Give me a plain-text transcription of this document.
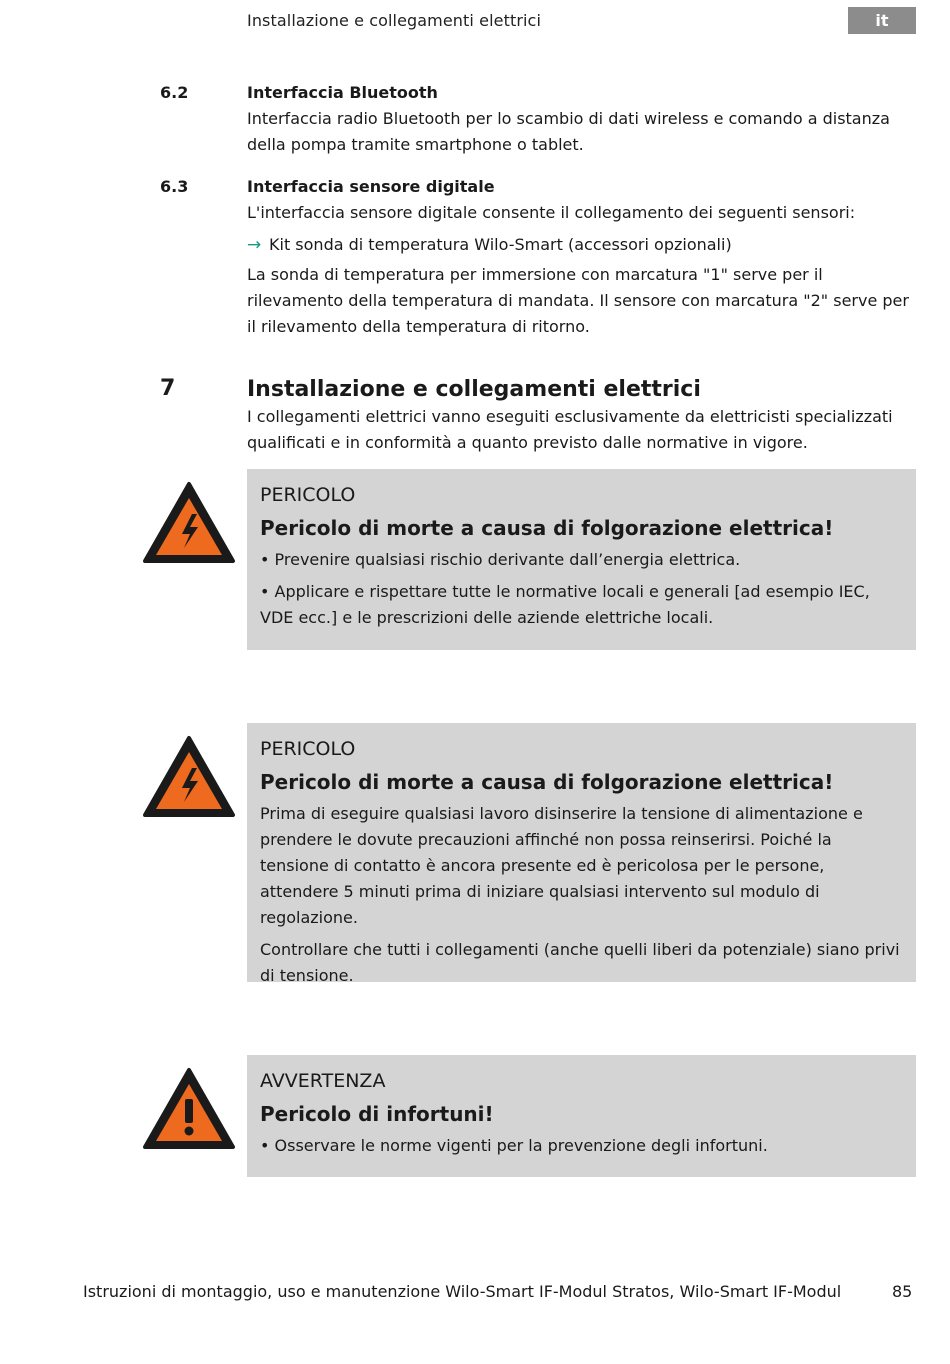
Installazione e collegamenti elettrici	it
6.2	Interfaccia Bluetooth

Interfaccia radio Bluetooth per lo scambio di dati wireless e comando a distanza della pompa tramite smartphone o tablet.

6.3	Interfaccia sensore digitale

L'interfaccia sensore digitale consente il collegamento dei seguenti sensori:

→ Kit sonda di temperatura Wilo-Smart (accessori opzionali)

La sonda di temperatura per immersione con marcatura "1" serve per il rilevamento della temperatura di mandata. Il sensore con marcatura "2" serve per il rilevamento della temperatura di ritorno.

7	Installazione e collegamenti elettrici

I collegamenti elettrici vanno eseguiti esclusivamente da elettricisti specializzati qualificati e in conformità a quanto previsto dalle normative in vigore.

PERICOLO

Pericolo di morte a causa di folgorazione elettrica!

• Prevenire qualsiasi rischio derivante dall’energia elettrica.

• Applicare e rispettare tutte le normative locali e generali [ad esempio IEC, VDE ecc.] e le prescrizioni delle aziende elettriche locali.

PERICOLO

Pericolo di morte a causa di folgorazione elettrica!

Prima di eseguire qualsiasi lavoro disinserire la tensione di alimentazione e prendere le dovute precauzioni affinché non possa reinserirsi. Poiché la tensione di contatto è ancora presente ed è pericolosa per le persone, attendere 5 minuti prima di iniziare qualsiasi intervento sul modulo di regolazione.

Controllare che tutti i collegamenti (anche quelli liberi da potenziale) siano privi di tensione.

AVVERTENZA

Pericolo di infortuni!

• Osservare le norme vigenti per la prevenzione degli infortuni.

Istruzioni di montaggio, uso e manutenzione Wilo-Smart IF-Modul Stratos, Wilo-Smart IF-Modul	85
